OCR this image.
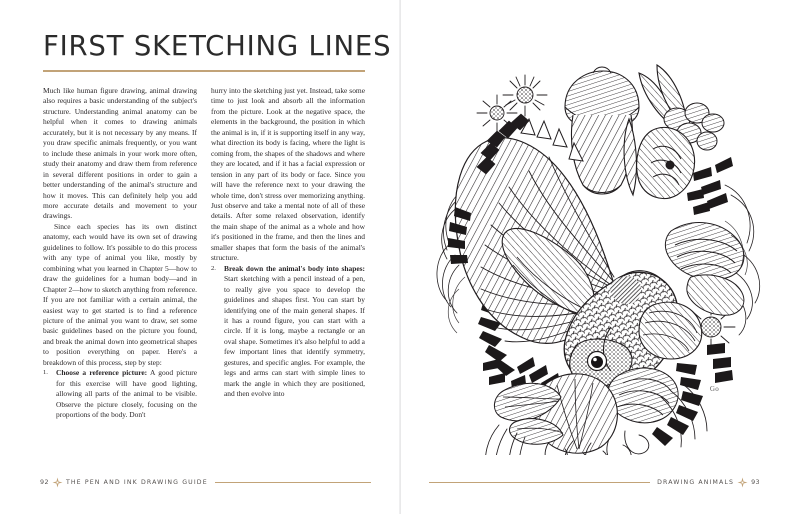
FIRST SKETCHING LINES

Much like human figure drawing, animal drawing also requires a basic understanding of the subject's structure. Understanding animal anatomy can be helpful when it comes to drawing animals accurately, but it is not necessary by any means. If you draw specific animals frequently, or you want to include these animals in your work more often, study their anatomy and draw them from reference in several different positions in order to gain a better understanding of the animal's structure and how it moves. This can definitely help you add more accurate details and movement to your drawings.

Since each species has its own distinct anatomy, each would have its own set of drawing guidelines to follow. It's possible to do this process with any type of animal you like, mostly by combining what you learned in Chapter 5—how to draw the guidelines for a human body—and in Chapter 2—how to sketch anything from reference. If you are not familiar with a certain animal, the easiest way to get started is to find a reference picture of the animal you want to draw, set some basic guidelines based on the picture you found, and break the animal down into geometrical shapes to position everything on paper. Here's a breakdown of this process, step by step:

1.	Choose a reference picture: A good picture for this exercise will have good lighting, allowing all parts of the animal to be visible. Observe the picture closely, focusing on the proportions of the body. Don't

hurry into the sketching just yet. Instead, take some time to just look and absorb all the information from the picture. Look at the negative space, the elements in the background, the position in which the animal is in, if it is supporting itself in any way, what direction its body is facing, where the light is coming from, the shapes of the shadows and where they are located, and if it has a facial expression or tension in any part of its body or face. Since you will have the reference next to your drawing the whole time, don't stress over memorizing anything. Just observe and take a mental note of all of these details. After some relaxed observation, identify the main shape of the animal as a whole and how it's positioned in the frame, and then the lines and smaller shapes that form the basis of the animal's structure.

2.	Break down the animal's body into shapes: Start sketching with a pencil instead of a pen, to really give you space to develop the guidelines and shapes first. You can start by identifying one of the main general shapes. If it has a round figure, you can start with a circle. If it is long, maybe a rectangle or an oval shape. Sometimes it's also helpful to add a few important lines that identify symmetry, gestures, and specific angles. For example, the legs and arms can start with simple lines to mark the angle in which they are positioned, and then evolve into
92	THE PEN AND INK DRAWING GUIDE
Go
DRAWING ANIMALS	93
